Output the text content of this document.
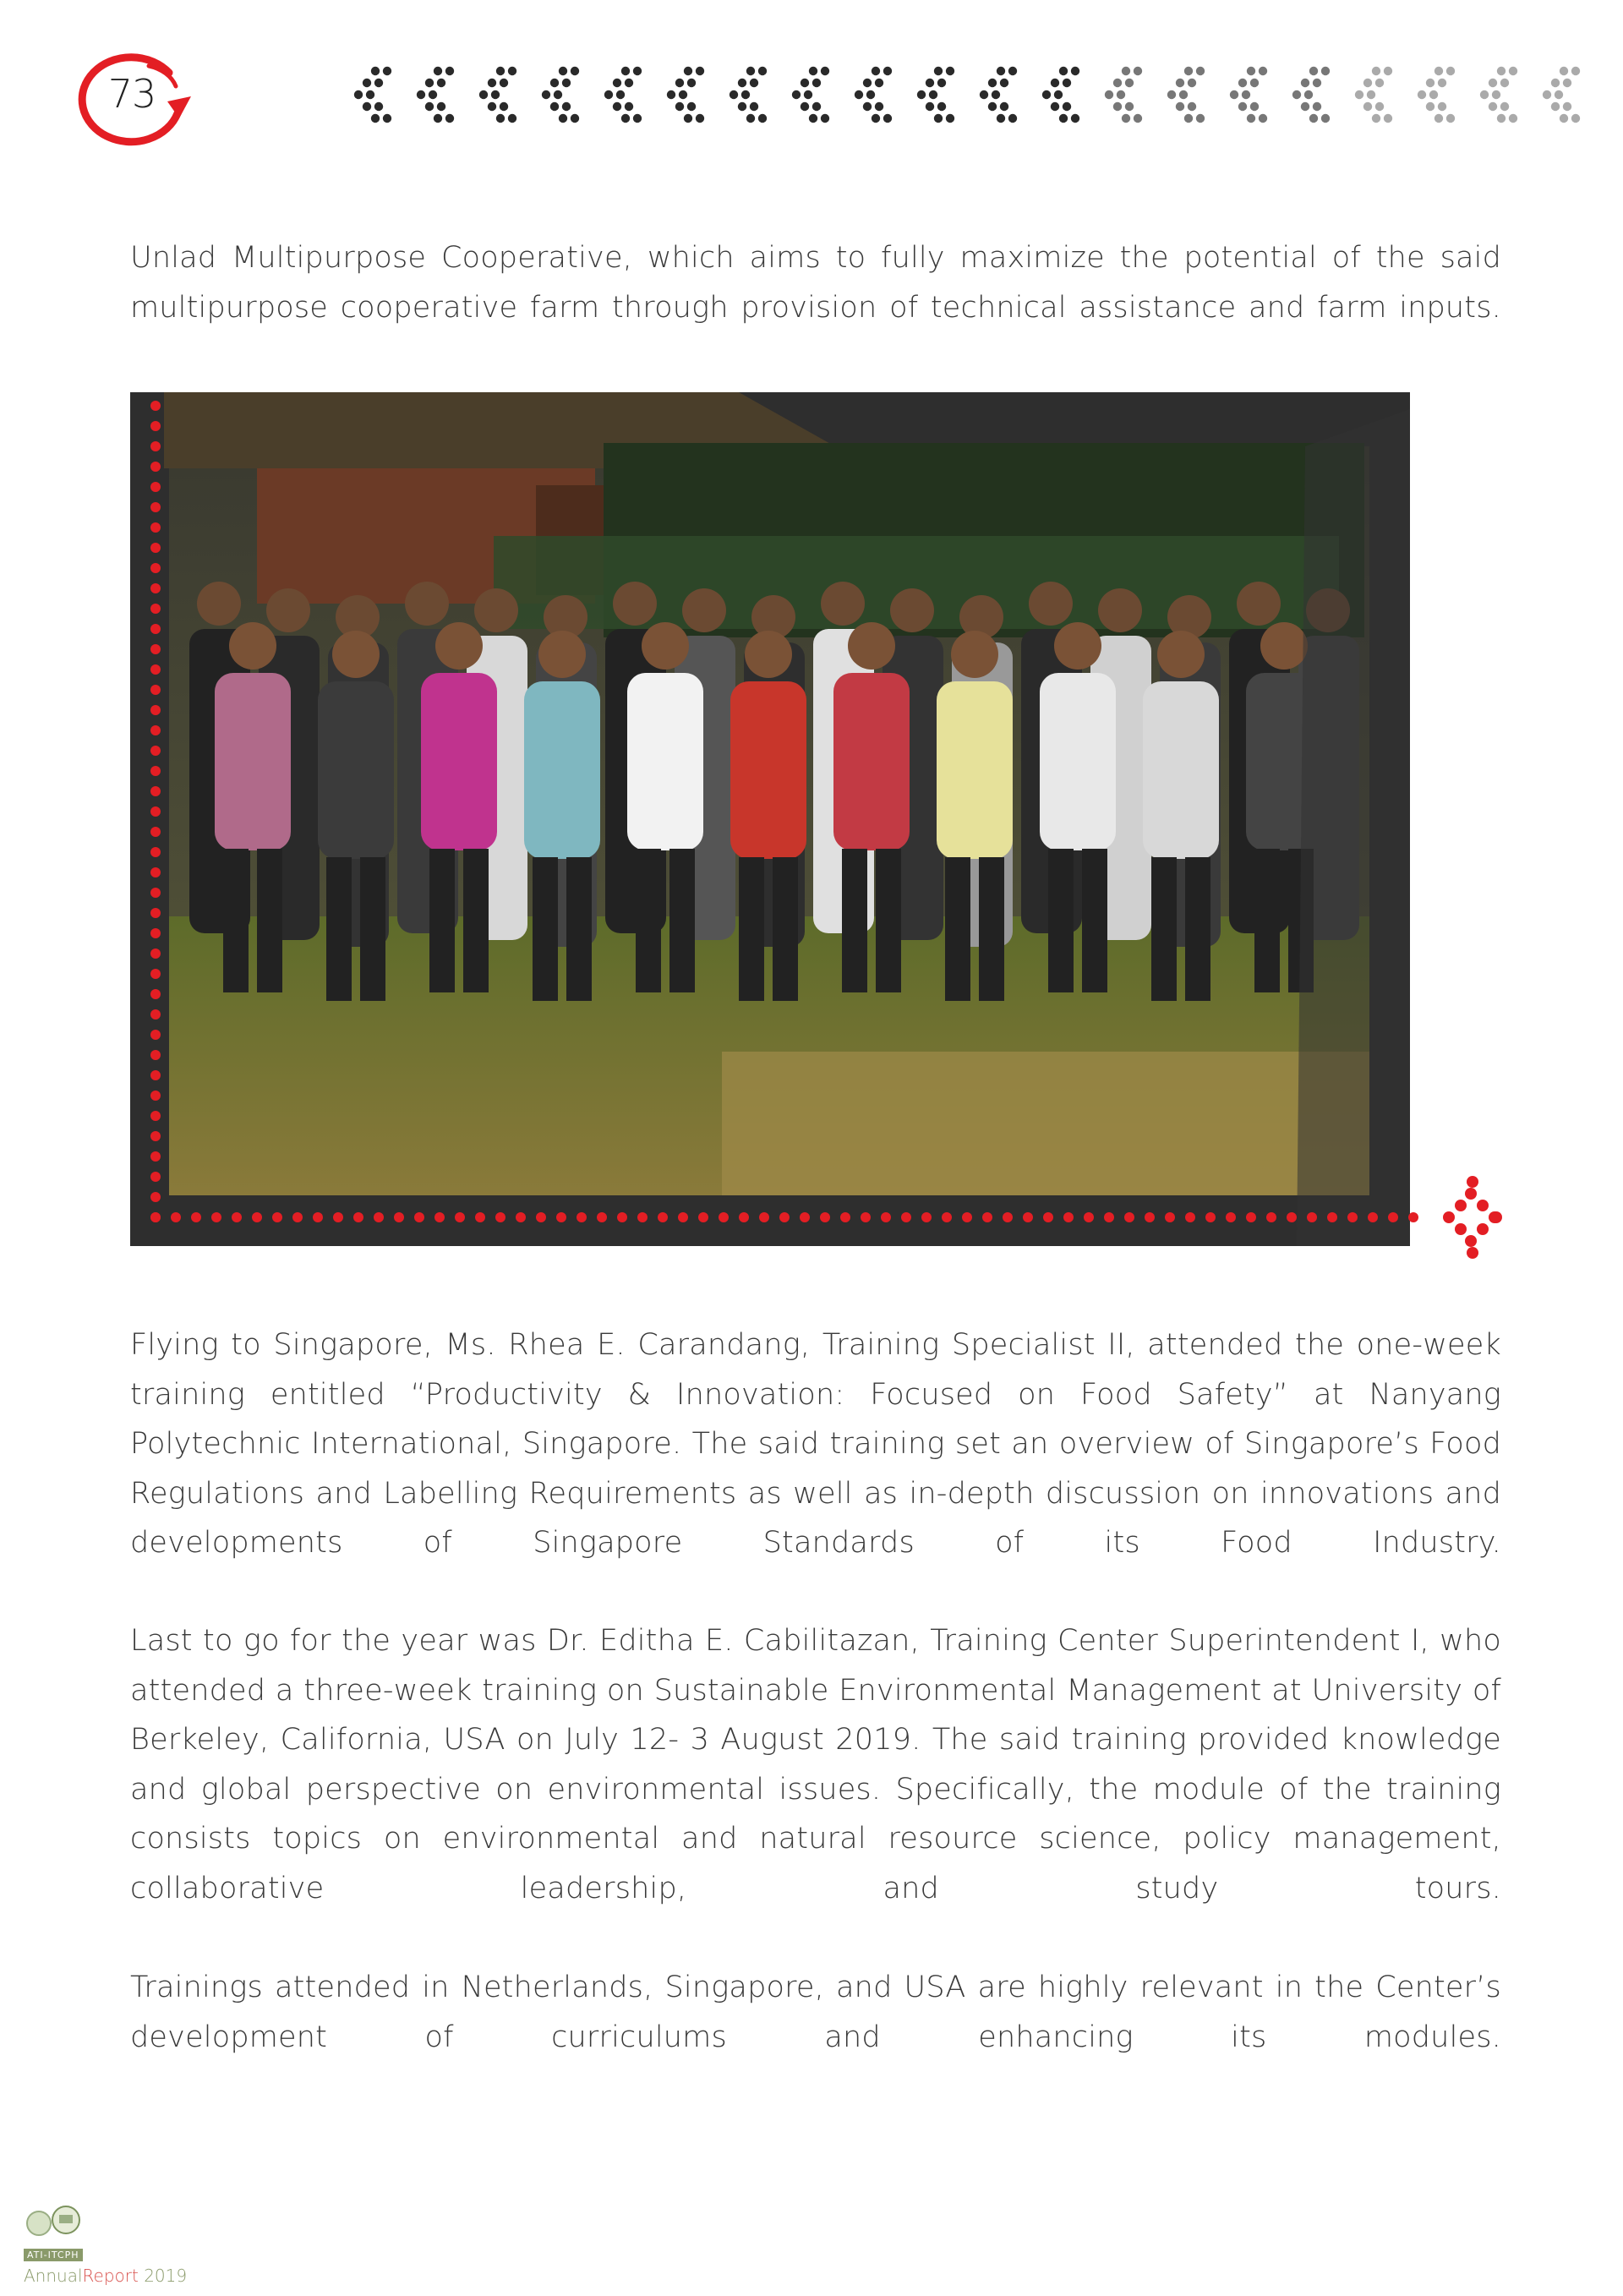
73

Unlad Multipurpose Cooperative, which aims to fully maximize the potential of the said multipurpose cooperative farm through provision of technical assistance and farm inputs.

Flying to Singapore, Ms. Rhea E. Carandang, Training Specialist II, attended the one-week training entitled “Productivity & Innovation: Focused on Food Safety” at Nanyang Polytechnic International, Singapore. The said training set an overview of Singapore’s Food Regulations and Labelling Requirements as well as in-depth discussion on innovations and developments of Singapore Standards of its Food Industry.

Last to go for the year was Dr. Editha E. Cabilitazan, Training Center Superintendent I, who attended a three-week training on Sustainable Environmental Management at University of Berkeley, California, USA on July 12- 3 August 2019. The said training provided knowledge and global perspective on environmental issues. Specifically, the module of the training consists topics on environmental and natural resource science, policy management, collaborative leadership, and study tours.

Trainings attended in Netherlands, Singapore, and USA are highly relevant in the Center’s development of curriculums and enhancing its modules.

ATI-ITCPH
AnnualReport 2019
